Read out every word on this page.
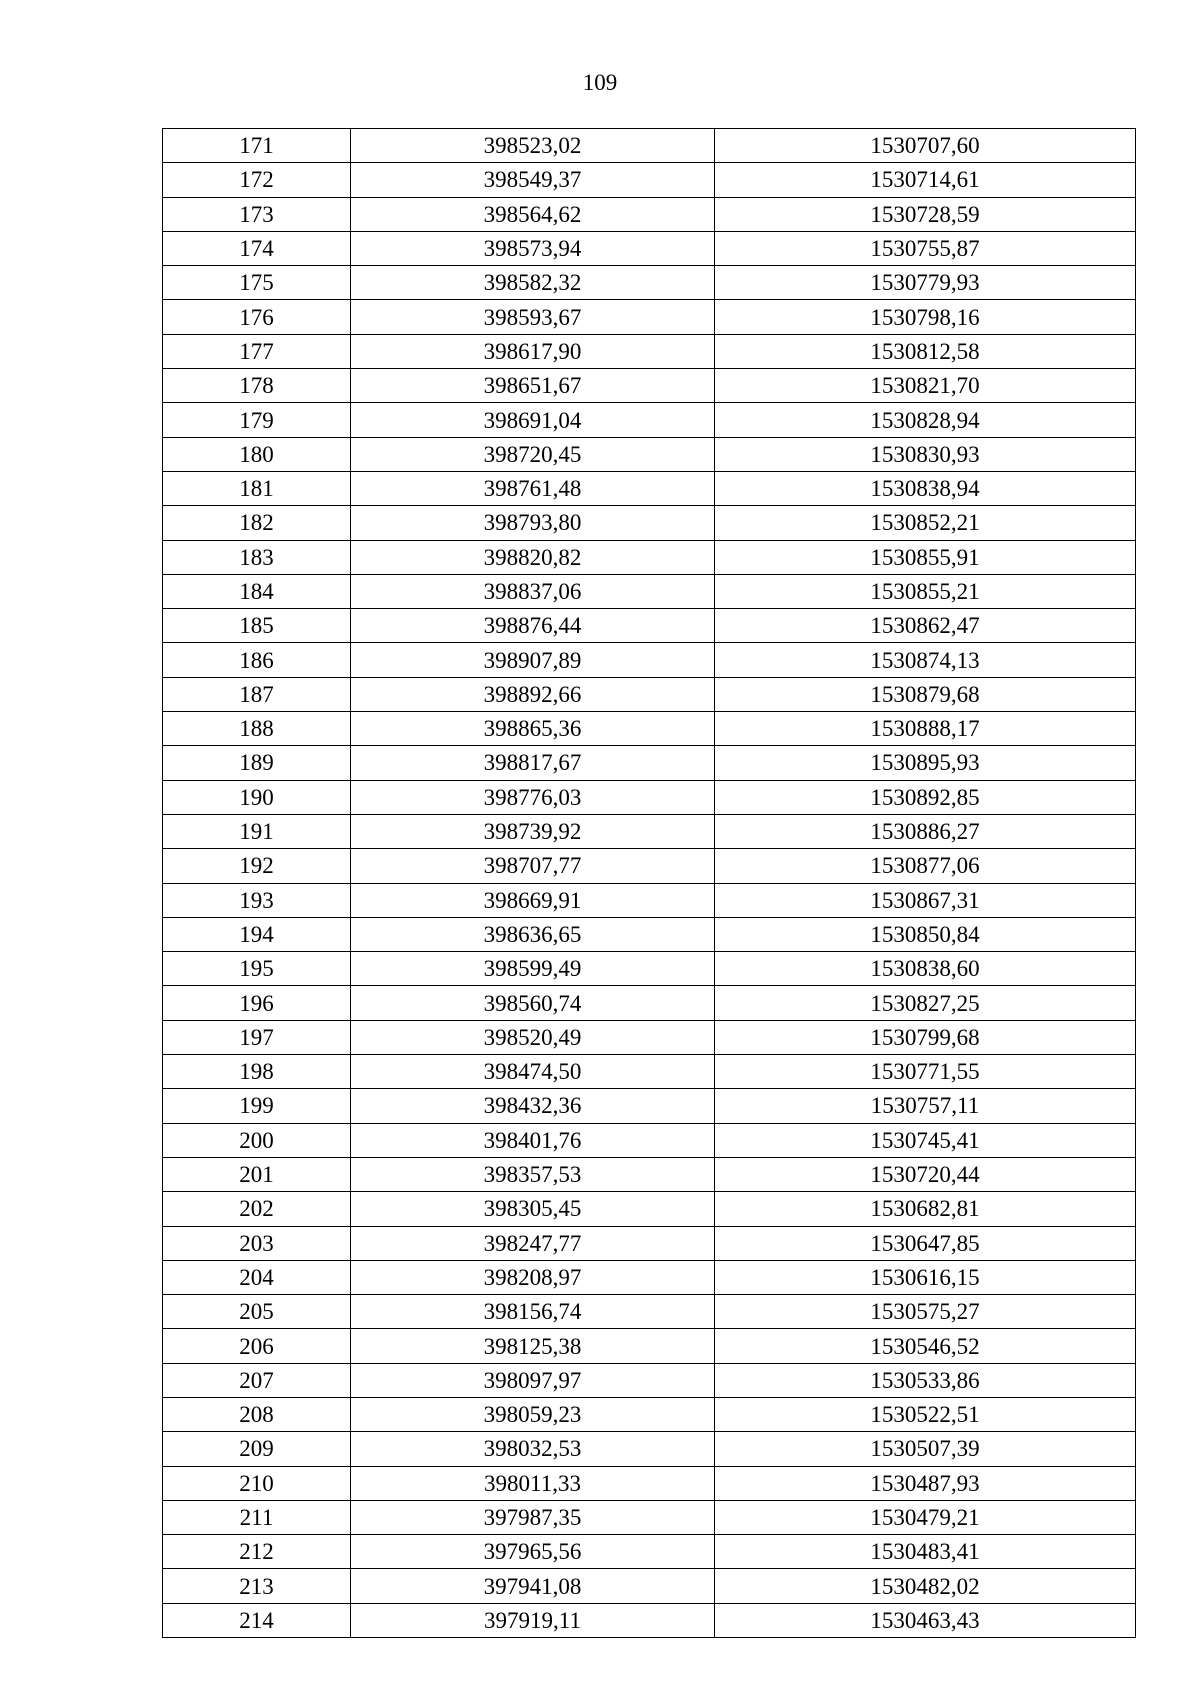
109
171	398523,02	1530707,60
172	398549,37	1530714,61
173	398564,62	1530728,59
174	398573,94	1530755,87
175	398582,32	1530779,93
176	398593,67	1530798,16
177	398617,90	1530812,58
178	398651,67	1530821,70
179	398691,04	1530828,94
180	398720,45	1530830,93
181	398761,48	1530838,94
182	398793,80	1530852,21
183	398820,82	1530855,91
184	398837,06	1530855,21
185	398876,44	1530862,47
186	398907,89	1530874,13
187	398892,66	1530879,68
188	398865,36	1530888,17
189	398817,67	1530895,93
190	398776,03	1530892,85
191	398739,92	1530886,27
192	398707,77	1530877,06
193	398669,91	1530867,31
194	398636,65	1530850,84
195	398599,49	1530838,60
196	398560,74	1530827,25
197	398520,49	1530799,68
198	398474,50	1530771,55
199	398432,36	1530757,11
200	398401,76	1530745,41
201	398357,53	1530720,44
202	398305,45	1530682,81
203	398247,77	1530647,85
204	398208,97	1530616,15
205	398156,74	1530575,27
206	398125,38	1530546,52
207	398097,97	1530533,86
208	398059,23	1530522,51
209	398032,53	1530507,39
210	398011,33	1530487,93
211	397987,35	1530479,21
212	397965,56	1530483,41
213	397941,08	1530482,02
214	397919,11	1530463,43
